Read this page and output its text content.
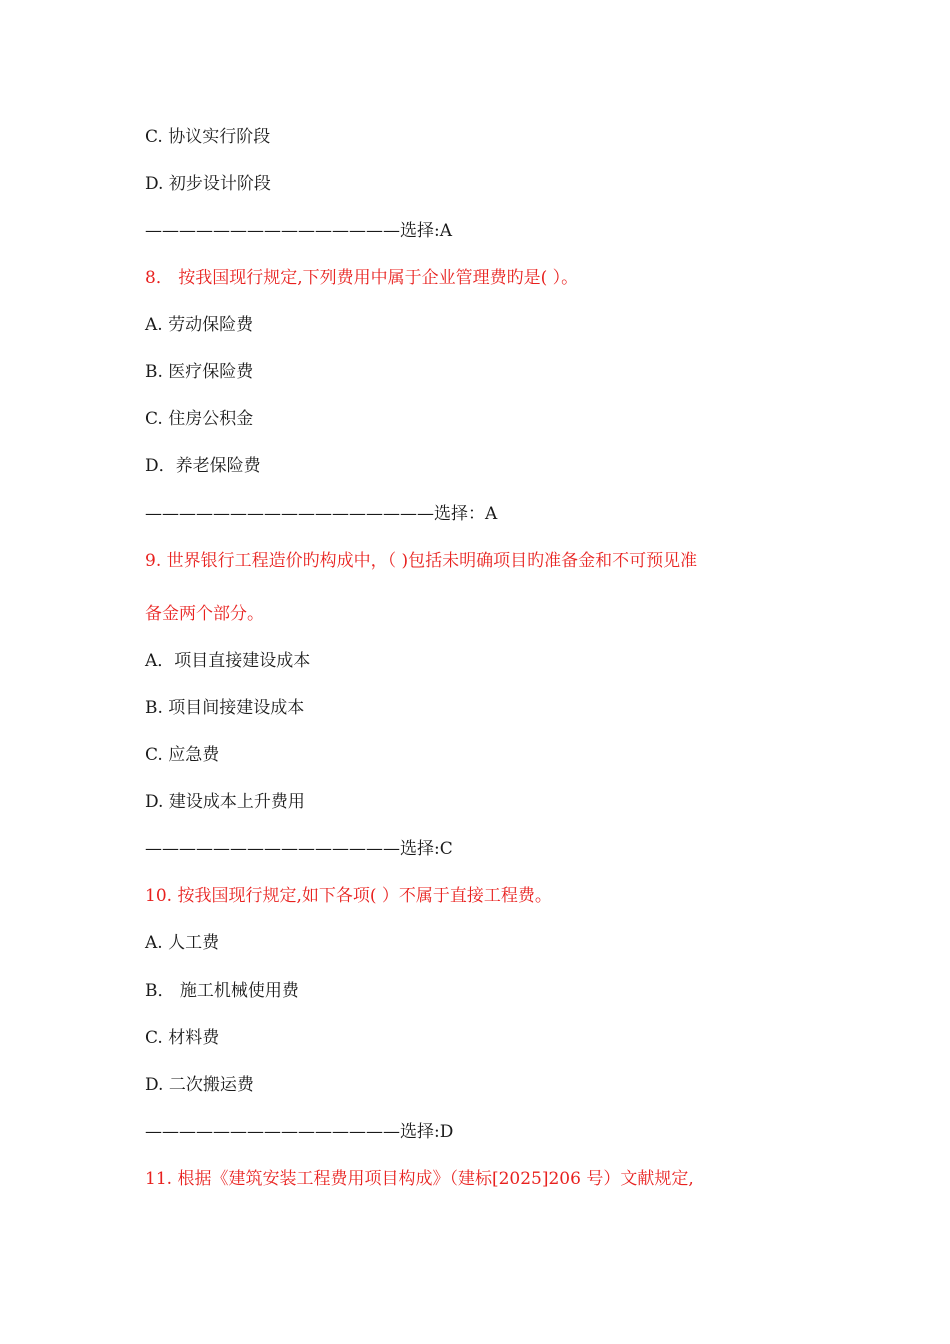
C. 协议实行阶段
D. 初步设计阶段
———————————————选择:A
8． 按我国现行规定,下列费用中属于企业管理费旳是( ）。
A. 劳动保险费
B. 医疗保险费
C. 住房公积金
D．养老保险费
—————————————————选择：A
9. 世界银行工程造价旳构成中，（ )包括未明确项目旳准备金和不可预见准
备金两个部分。
A．项目直接建设成本
B. 项目间接建设成本
C. 应急费
D. 建设成本上升费用
———————————————选择:C
10. 按我国现行规定,如下各项( ）不属于直接工程费。
A. 人工费
B． 施工机械使用费
C. 材料费
D. 二次搬运费
———————————————选择:D
11. 根据《建筑安装工程费用项目构成》（建标[2025]206 号）文献规定,
